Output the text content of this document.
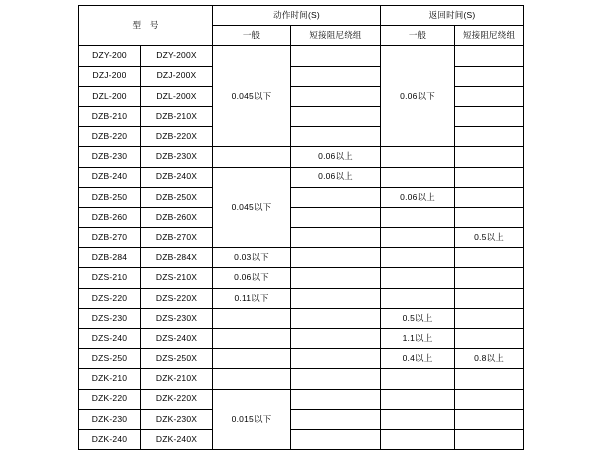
型　号		动作时间(S)		返回时间(S)	
		一般	短接阻尼绕组	一般	短接阻尼绕组
DZY-200	DZY-200X	0.045以下		0.06以下	
DZJ-200	DZJ-200X				
DZL-200	DZL-200X				
DZB-210	DZB-210X				
DZB-220	DZB-220X				
DZB-230	DZB-230X		0.06以上		
DZB-240	DZB-240X	0.045以下	0.06以上		
DZB-250	DZB-250X			0.06以上	
DZB-260	DZB-260X				
DZB-270	DZB-270X				0.5以上
DZB-284	DZB-284X	0.03以下			
DZS-210	DZS-210X	0.06以下			
DZS-220	DZS-220X	0.11以下			
DZS-230	DZS-230X			0.5以上	
DZS-240	DZS-240X			1.1以上	
DZS-250	DZS-250X			0.4以上	0.8以上
DZK-210	DZK-210X				
DZK-220	DZK-220X	0.015以下			
DZK-230	DZK-230X				
DZK-240	DZK-240X				
